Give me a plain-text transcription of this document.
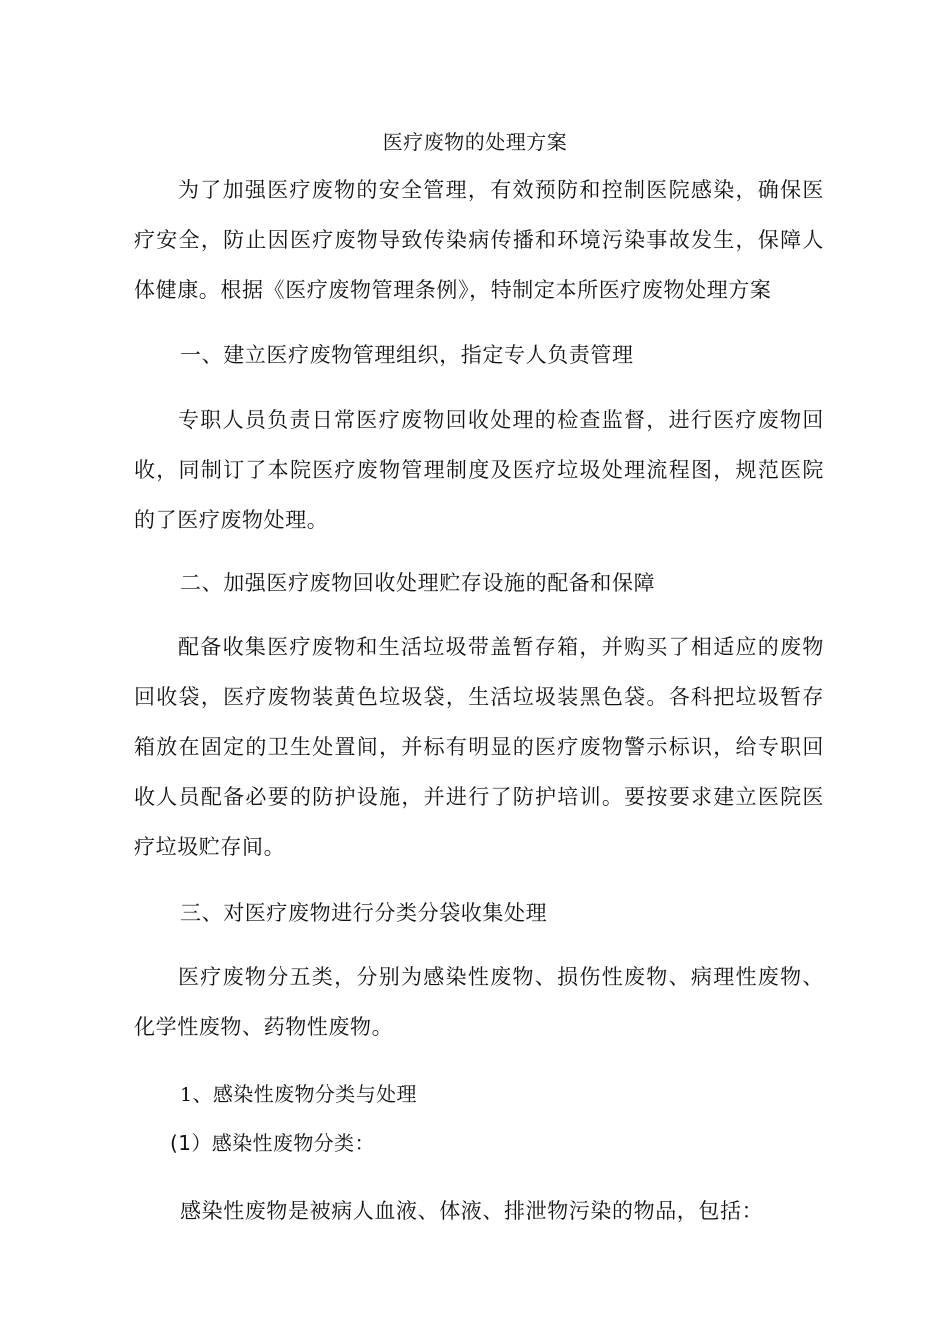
医疗废物的处理方案
为了加强医疗废物的安全管理，有效预防和控制医院感染，确保医疗安全，防止因医疗废物导致传染病传播和环境污染事故发生，保障人体健康。根据《医疗废物管理条例》，特制定本所医疗废物处理方案
一、建立医疗废物管理组织，指定专人负责管理
专职人员负责日常医疗废物回收处理的检查监督，进行医疗废物回收，同制订了本院医疗废物管理制度及医疗垃圾处理流程图，规范医院的了医疗废物处理。
二、加强医疗废物回收处理贮存设施的配备和保障
配备收集医疗废物和生活垃圾带盖暂存箱，并购买了相适应的废物回收袋，医疗废物装黄色垃圾袋，生活垃圾装黑色袋。各科把垃圾暂存箱放在固定的卫生处置间，并标有明显的医疗废物警示标识，给专职回收人员配备必要的防护设施，并进行了防护培训。要按要求建立医院医疗垃圾贮存间。
三、对医疗废物进行分类分袋收集处理
医疗废物分五类，分别为感染性废物、损伤性废物、病理性废物、化学性废物、药物性废物。
1、感染性废物分类与处理
(1）感染性废物分类：
感染性废物是被病人血液、体液、排泄物污染的物品，包括：
